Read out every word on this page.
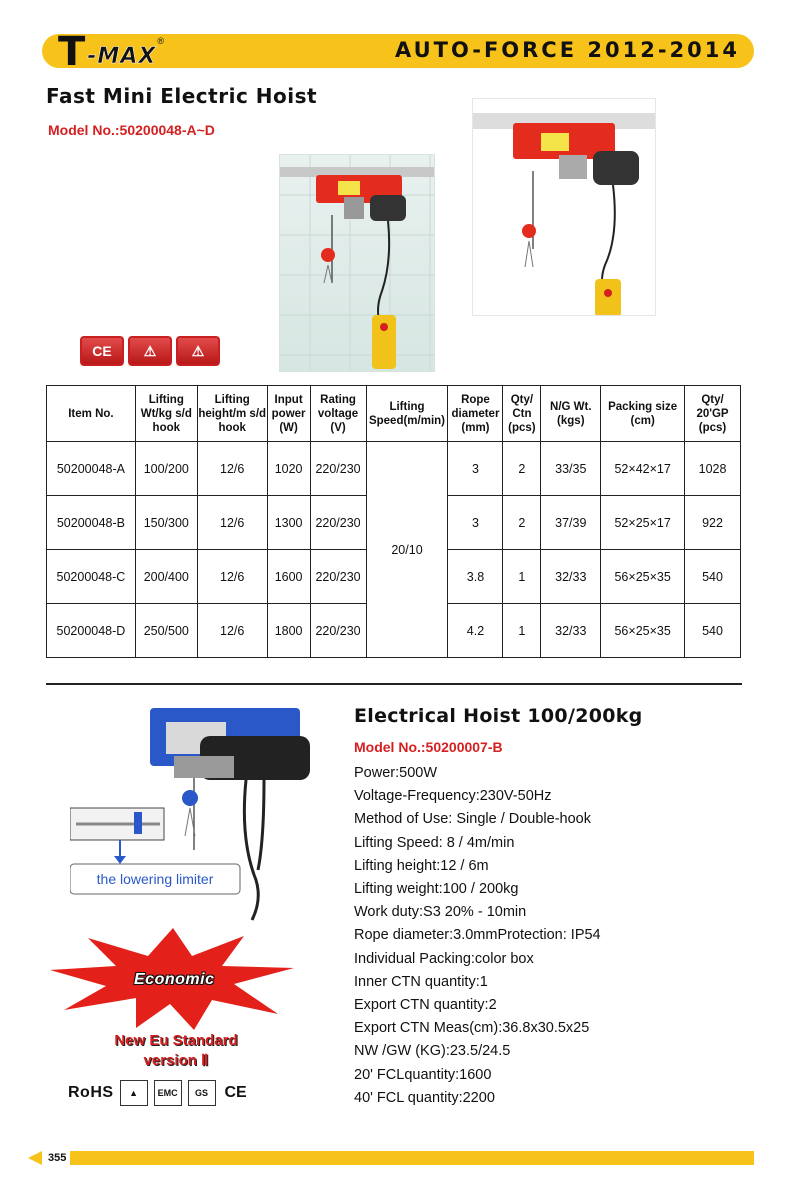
T -MAX
®	AUTO-FORCE 2012-2014
Fast Mini Electric Hoist
Model No.:50200048-A~D
CE	⚠	⚠
Item No.	Lifting Wt/kg s/d hook	Lifting height/m s/d hook	Input power (W)	Rating voltage (V)	Lifting Speed(m/min)	Rope diameter (mm)	Qty/ Ctn (pcs)	N/G Wt. (kgs)	Packing size (cm)	Qty/ 20'GP (pcs)
50200048-A	100/200	12/6	1020	220/230	20/10	3	2	33/35	52×42×17	1028
50200048-B	150/300	12/6	1300	220/230		3	2	37/39	52×25×17	922
50200048-C	200/400	12/6	1600	220/230		3.8	1	32/33	56×25×35	540
50200048-D	250/500	12/6	1800	220/230		4.2	1	32/33	56×25×35	540
the lowering limiter
Economic
New Eu Standard version Ⅱ
RoHS	▲	EMC	GS	CE
Electrical Hoist 100/200kg
Model No.:50200007-B
Power:500W
Voltage-Frequency:230V-50Hz
Method of Use: Single / Double-hook
Lifting Speed: 8 / 4m/min
Lifting height:12 / 6m
Lifting weight:100 / 200kg
Work duty:S3 20% - 10min
Rope diameter:3.0mmProtection: IP54
Individual Packing:color box
Inner CTN quantity:1
Export CTN quantity:2
Export CTN Meas(cm):36.8x30.5x25
NW /GW (KG):23.5/24.5
20' FCLquantity:1600
40' FCL quantity:2200
355
